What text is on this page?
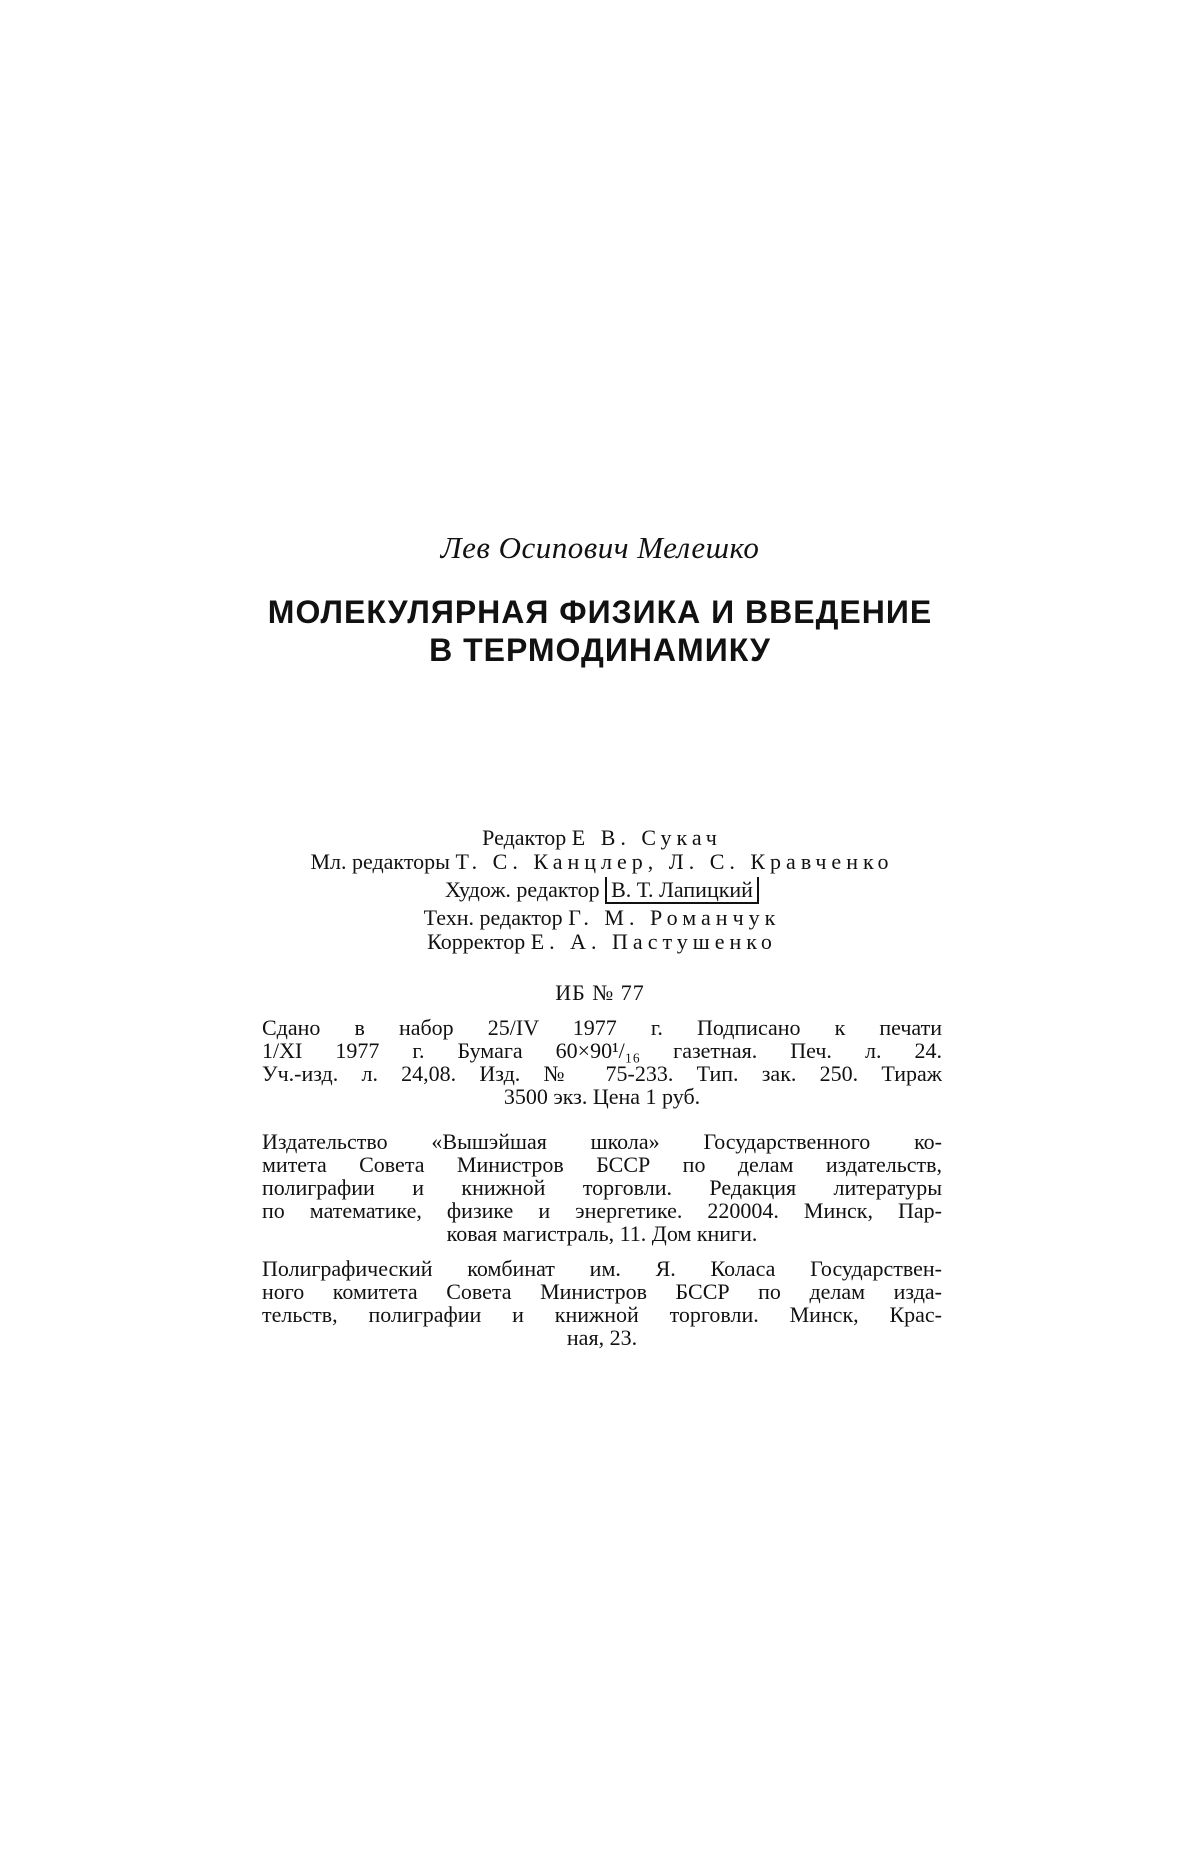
Лев Осипович Мелешко
МОЛЕКУЛЯРНАЯ ФИЗИКА И ВВЕДЕНИЕ
В ТЕРМОДИНАМИКУ
Редактор Е В. Сукач
Мл. редакторы Т. С. Канцлер, Л. С. Кравченко
Худож. редактор В. Т. Лапицкий
Техн. редактор Г. М. Романчук
Корректор Е. А. Пастушенко
ИБ № 77
Сдано в набор 25/IV 1977 г. Подписано к печати
1/XI 1977 г. Бумага 60×90¹/₁₆ газетная. Печ. л. 24.
Уч.-изд. л. 24,08. Изд. № 75-233. Тип. зак. 250. Тираж
3500 экз. Цена 1 руб.
Издательство «Вышэйшая школа» Государственного ко-
митета Совета Министров БССР по делам издательств,
полиграфии и книжной торговли. Редакция литературы
по математике, физике и энергетике. 220004. Минск, Пар-
ковая магистраль, 11. Дом книги.
Полиграфический комбинат им. Я. Коласа Государствен-
ного комитета Совета Министров БССР по делам изда-
тельств, полиграфии и книжной торговли. Минск, Крас-
ная, 23.
